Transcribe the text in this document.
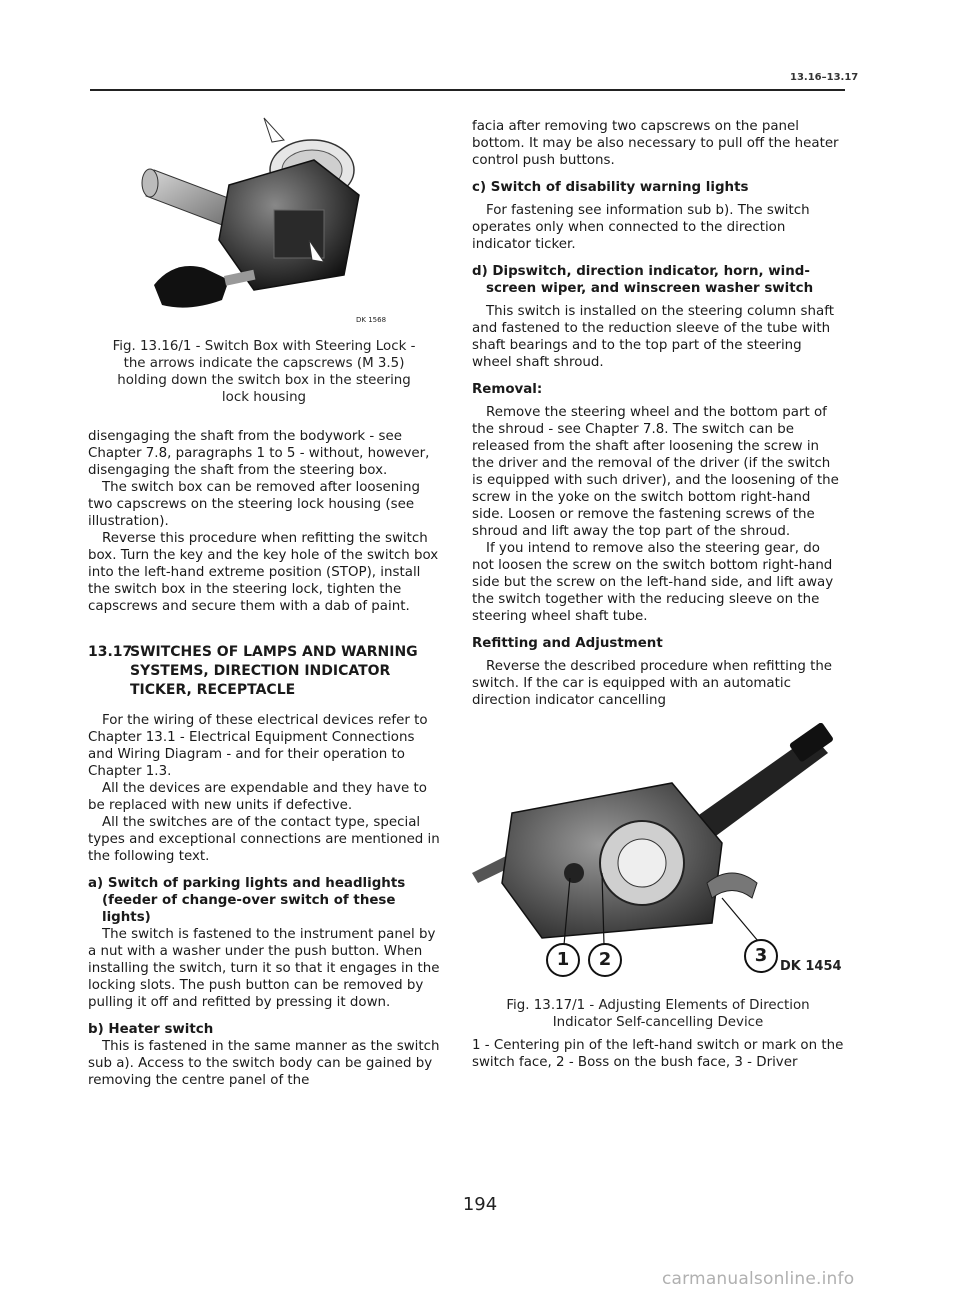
13.16–13.17
DK 1568
Fig. 13.16/1 - Switch Box with Steering Lock -
the arrows indicate the capscrews (M 3.5)
holding down the switch box in the steering
lock housing

disengaging the shaft from the bodywork - see Chapter 7.8, paragraphs 1 to 5 - without, however, disengaging the shaft from the steering box.

The switch box can be removed after loosening two capscrews on the steering lock housing (see illustration).

Reverse this procedure when refitting the switch box. Turn the key and the key hole of the switch box into the left-hand extreme position (STOP), install the switch box in the steering lock, tighten the capscrews and secure them with a dab of paint.

13.17SWITCHES OF LAMPS AND WARNING
SYSTEMS, DIRECTION INDICATOR
TICKER, RECEPTACLE

For the wiring of these electrical devices refer to Chapter 13.1 - Electrical Equipment Connections and Wiring Diagram - and for their operation to Chapter 1.3.

All the devices are expendable and they have to be replaced with new units if defective.

All the switches are of the contact type, special types and exceptional connections are mentioned in the following text.

a) Switch of parking lights and headlights
(feeder of change-over switch of these
lights)

The switch is fastened to the instrument panel by a nut with a washer under the push button. When installing the switch, turn it so that it engages in the locking slots. The push button can be removed by pulling it off and refitted by pressing it down.

b) Heater switch

This is fastened in the same manner as the switch sub a). Access to the switch body can be gained by removing the centre panel of the

facia after removing two capscrews on the panel bottom. It may be also necessary to pull off the heater control push buttons.

c) Switch of disability warning lights

For fastening see information sub b). The switch operates only when connected to the direction indicator ticker.

d) Dipswitch, direction indicator, horn, wind-
screen wiper, and winscreen washer switch

This switch is installed on the steering column shaft and fastened to the reduction sleeve of the tube with shaft bearings and to the top part of the steering wheel shaft shroud.

Removal:

Remove the steering wheel and the bottom part of the shroud - see Chapter 7.8. The switch can be released from the shaft after loosening the screw in the driver and the removal of the driver (if the switch is equipped with such driver), and the loosening of the screw in the yoke on the switch bottom right-hand side. Loosen or remove the fastening screws of the shroud and lift away the top part of the shroud.

If you intend to remove also the steering gear, do not loosen the screw on the switch bottom right-hand side but the screw on the left-hand side, and lift away the switch together with the reducing sleeve on the steering wheel shaft tube.

Refitting and Adjustment

Reverse the described procedure when refitting the switch. If the car is equipped with an automatic direction indicator cancelling

DK 1454
1	2	3
Fig. 13.17/1 - Adjusting Elements of Direction
Indicator Self-cancelling Device

1 - Centering pin of the left-hand switch or mark on the switch face, 2 - Boss on the bush face, 3 - Driver

194
carmanualsonline.info
